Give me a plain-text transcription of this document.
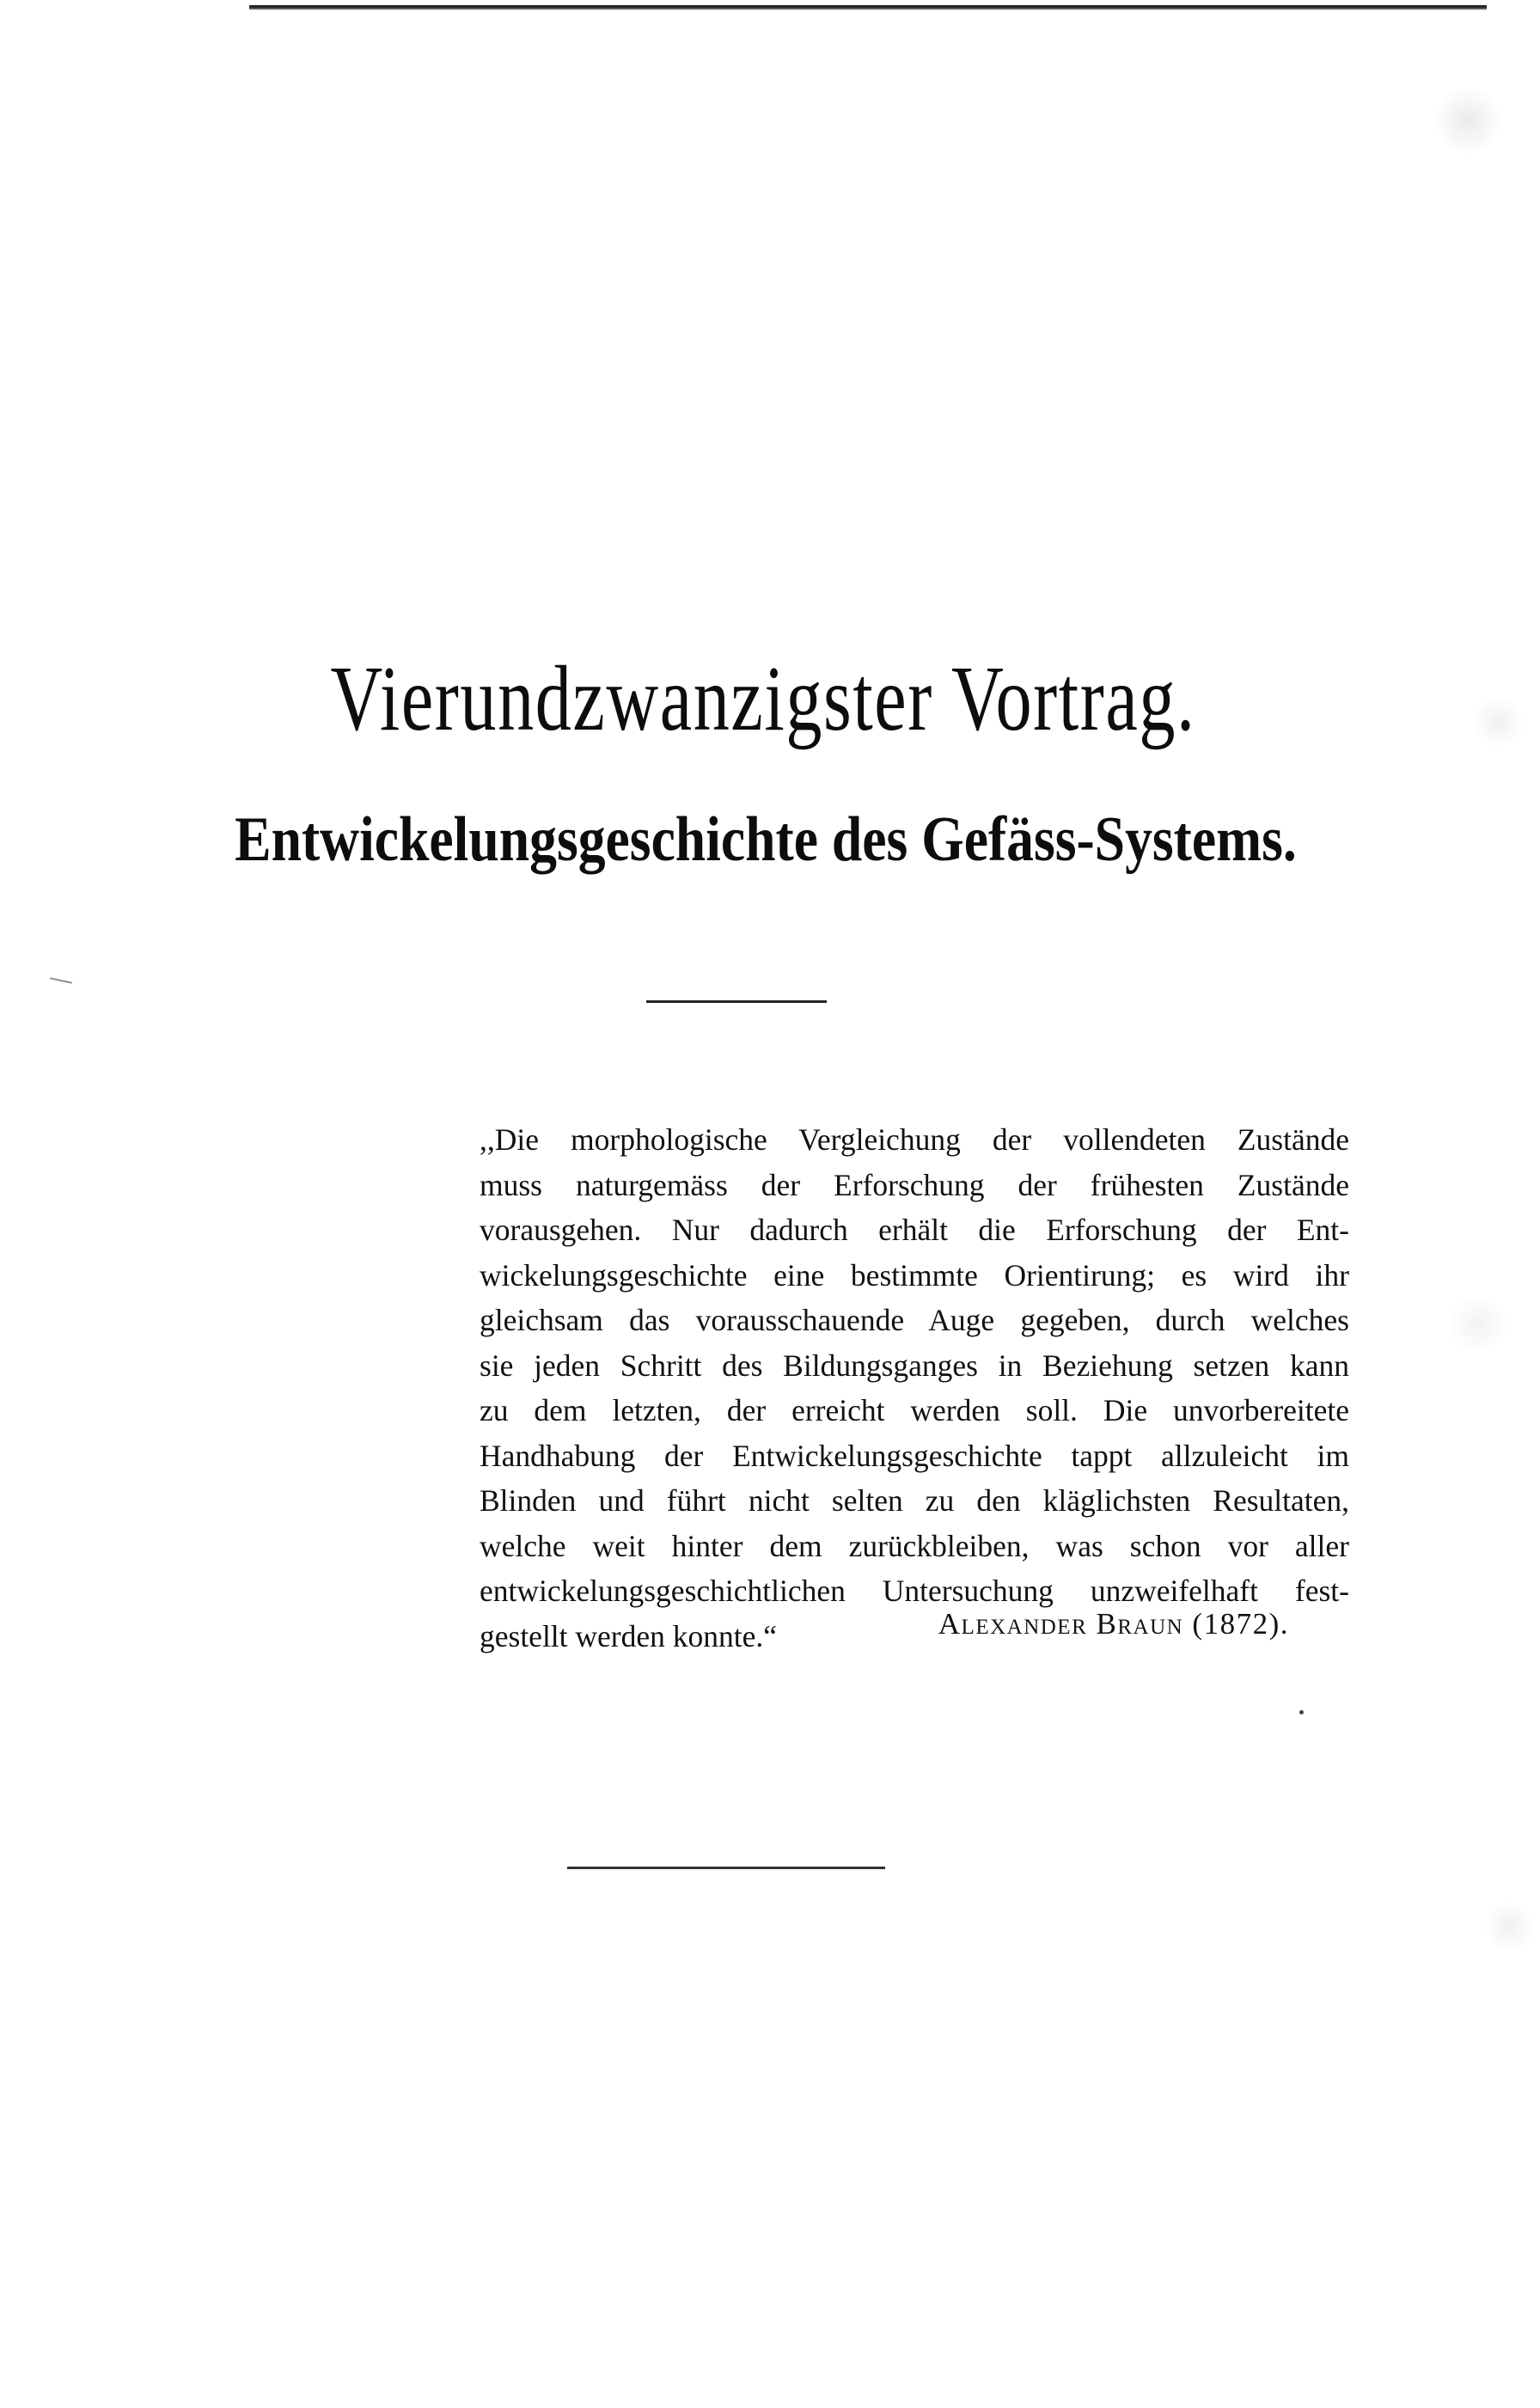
Vierundzwanzigster Vortrag.
Entwickelungsgeschichte des Gefäss-Systems.
,,Die morphologische Vergleichung der vollendeten Zustände
muss naturgemäss der Erforschung der frühesten Zustände
vorausgehen. Nur dadurch erhält die Erforschung der Ent-
wickelungsgeschichte eine bestimmte Orientirung; es wird ihr
gleichsam das vorausschauende Auge gegeben, durch welches
sie jeden Schritt des Bildungsganges in Beziehung setzen kann
zu dem letzten, der erreicht werden soll. Die unvorbereitete
Handhabung der Entwickelungsgeschichte tappt allzuleicht im
Blinden und führt nicht selten zu den kläglichsten Resultaten,
welche weit hinter dem zurückbleiben, was schon vor aller
entwickelungsgeschichtlichen Untersuchung unzweifelhaft fest-
gestellt werden konnte.“	Alexander Braun (1872).
